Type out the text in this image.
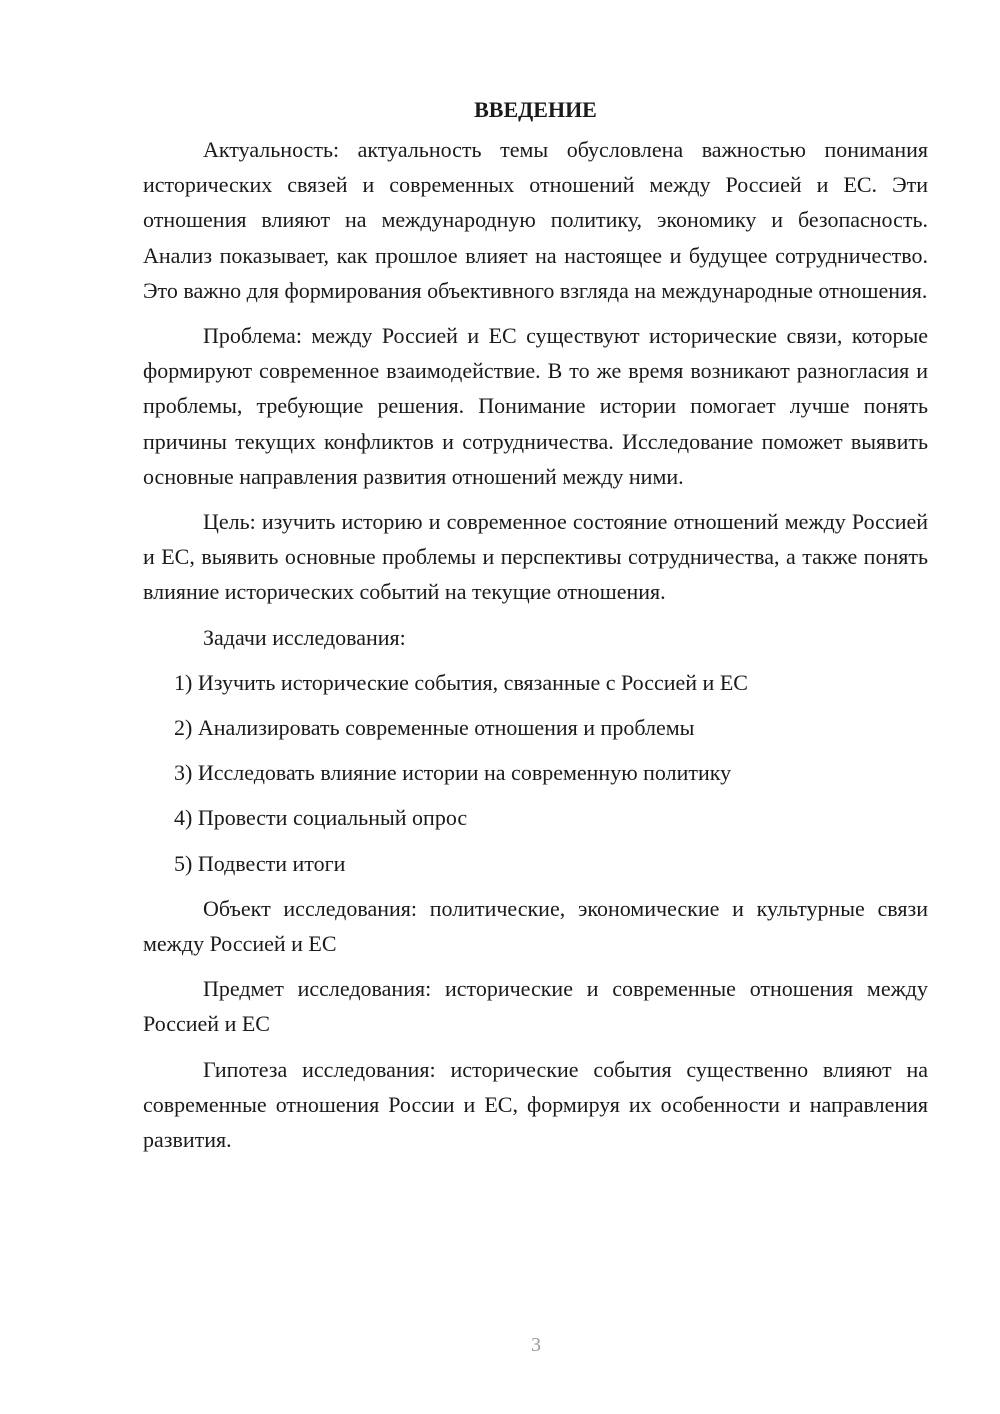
ВВЕДЕНИЕ

Актуальность: актуальность темы обусловлена важностью понимания исторических связей и современных отношений между Россией и ЕС. Эти отношения влияют на международную политику, экономику и безопасность. Анализ показывает, как прошлое влияет на настоящее и будущее сотрудничество. Это важно для формирования объективного взгляда на международные отношения.

Проблема: между Россией и ЕС существуют исторические связи, которые формируют современное взаимодействие. В то же время возникают разногласия и проблемы, требующие решения. Понимание истории помогает лучше понять причины текущих конфликтов и сотрудничества. Исследование поможет выявить основные направления развития отношений между ними.

Цель: изучить историю и современное состояние отношений между Россией и ЕС, выявить основные проблемы и перспективы сотрудничества, а также понять влияние исторических событий на текущие отношения.

Задачи исследования:

1) Изучить исторические события, связанные с Россией и ЕС
2) Анализировать современные отношения и проблемы
3) Исследовать влияние истории на современную политику
4) Провести социальный опрос
5) Подвести итоги

Объект исследования: политические, экономические и культурные связи между Россией и ЕС

Предмет исследования: исторические и современные отношения между Россией и ЕС

Гипотеза исследования: исторические события существенно влияют на современные отношения России и ЕС, формируя их особенности и направления развития.

3
